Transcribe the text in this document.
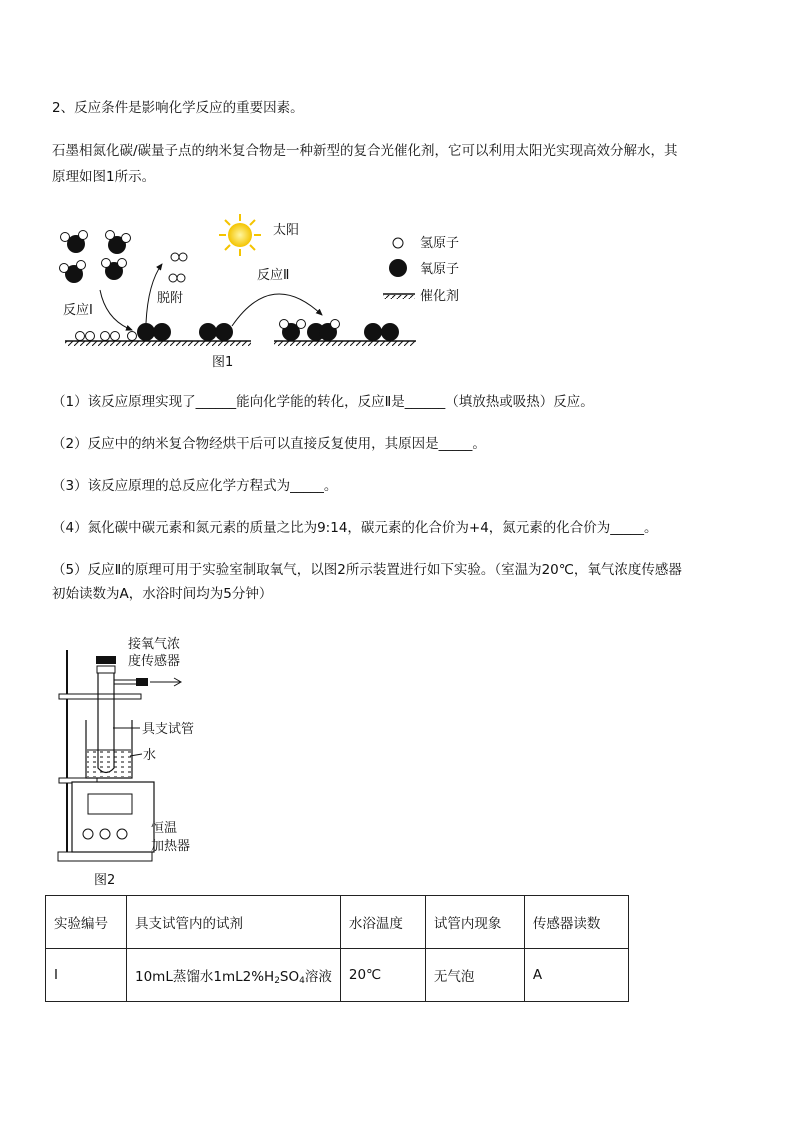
2、反应条件是影响化学反应的重要因素。
石墨相氮化碳/碳量子点的纳米复合物是一种新型的复合光催化剂，它可以利用太阳光实现高效分解水，其
原理如图1所示。
反应Ⅰ
脱附
太阳
反应Ⅱ
氢原子
氧原子
催化剂
图1
（1）该反应原理实现了______能向化学能的转化，反应Ⅱ是______（填放热或吸热）反应。
（2）反应中的纳米复合物经烘干后可以直接反复使用，其原因是_____。
（3）该反应原理的总反应化学方程式为_____。
（4）氮化碳中碳元素和氮元素的质量之比为9:14，碳元素的化合价为+4，氮元素的化合价为_____。
（5）反应Ⅱ的原理可用于实验室制取氧气，以图2所示装置进行如下实验。（室温为20℃，氧气浓度传感器
初始读数为A，水浴时间均为5分钟）
接氧气浓
度传感器
具支试管
水
恒温
加热器
图2
实验编号	具支试管内的试剂	水浴温度	试管内现象	传感器读数
I	10mL蒸馏水$1mL2\%H_2SO_4$溶液	20℃	无气泡	A
